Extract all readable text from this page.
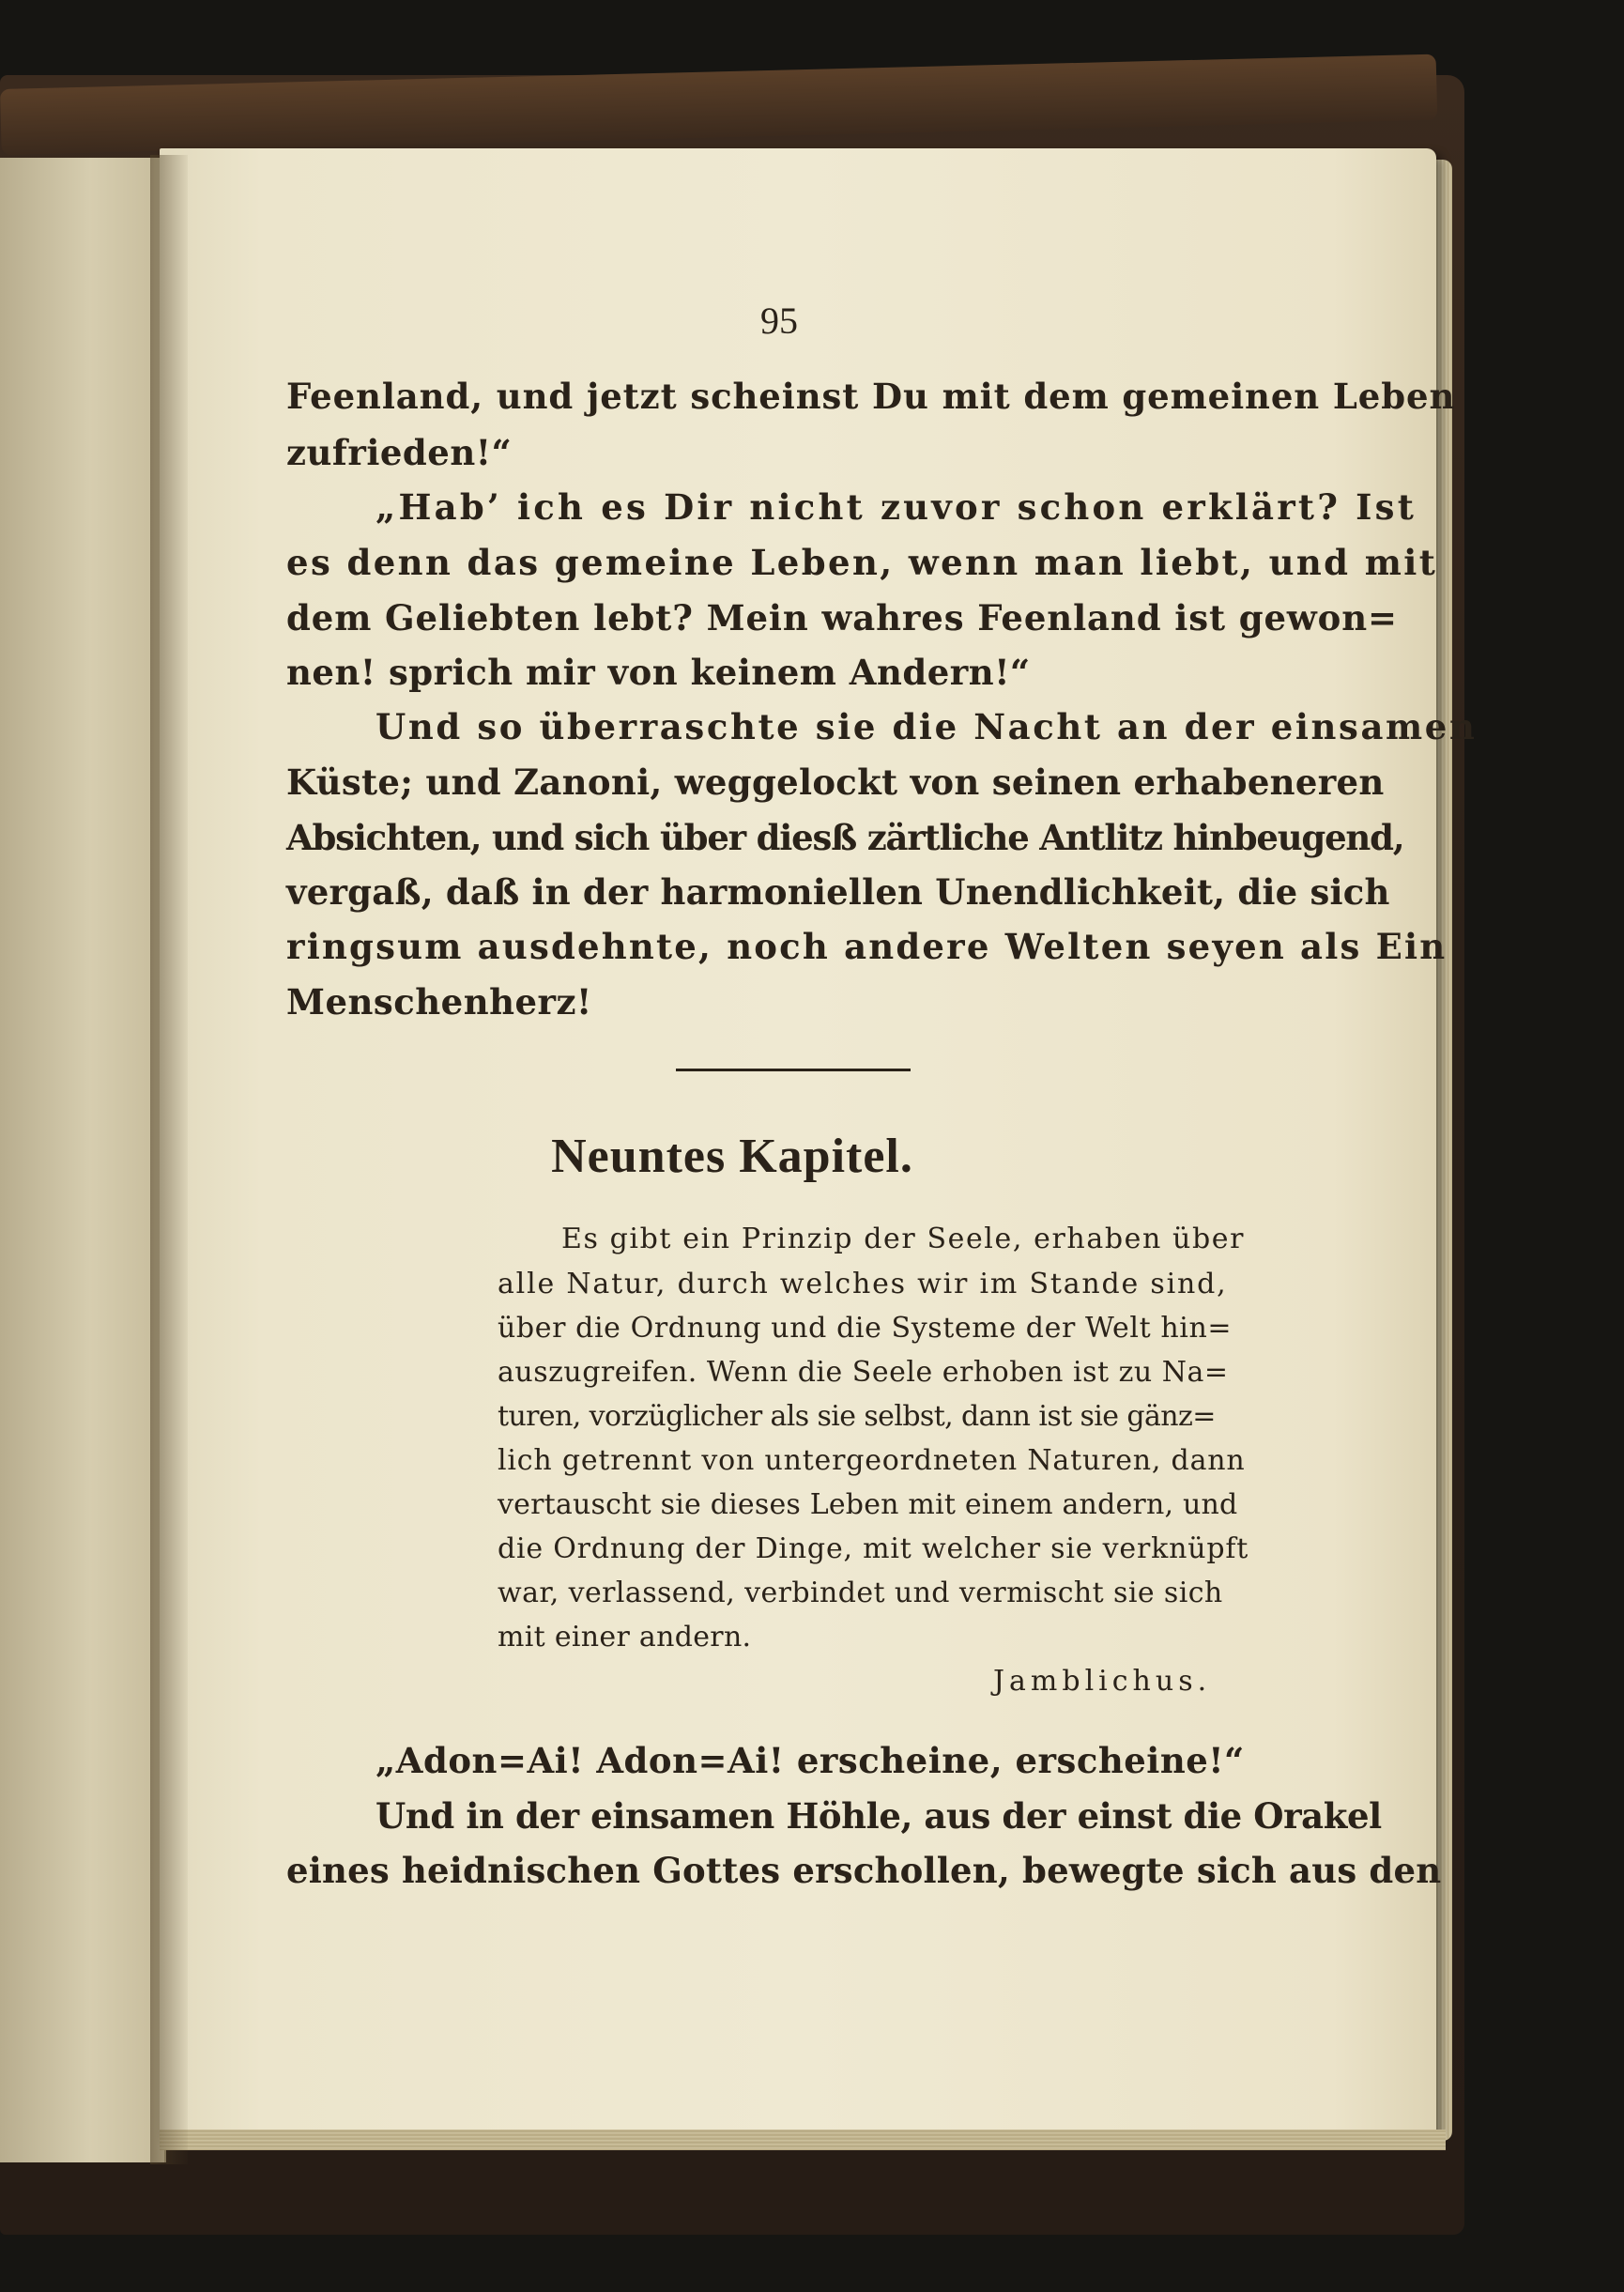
95
Feenland, und jetzt scheinst Du mit dem gemeinen Leben
zufrieden!“
„Hab’ ich es Dir nicht zuvor schon erklärt? Ist
es denn das gemeine Leben, wenn man liebt, und mit
dem Geliebten lebt? Mein wahres Feenland ist gewon=
nen! sprich mir von keinem Andern!“
Und so überraschte sie die Nacht an der einsamen
Küste; und Zanoni, weggelockt von seinen erhabeneren
Absichten, und sich über diesß zärtliche Antlitz hinbeugend,
vergaß, daß in der harmoniellen Unendlichkeit, die sich
ringsum ausdehnte, noch andere Welten seyen als Ein
Menschenherz!
Neuntes Kapitel.
Es gibt ein Prinzip der Seele, erhaben über
alle Natur, durch welches wir im Stande sind,
über die Ordnung und die Systeme der Welt hin=
auszugreifen. Wenn die Seele erhoben ist zu Na=
turen, vorzüglicher als sie selbst, dann ist sie gänz=
lich getrennt von untergeordneten Naturen, dann
vertauscht sie dieses Leben mit einem andern, und
die Ordnung der Dinge, mit welcher sie verknüpft
war, verlassend, verbindet und vermischt sie sich
mit einer andern.
Jamblichus.
„Adon=Ai! Adon=Ai! erscheine, erscheine!“
Und in der einsamen Höhle, aus der einst die Orakel
eines heidnischen Gottes erschollen, bewegte sich aus den
